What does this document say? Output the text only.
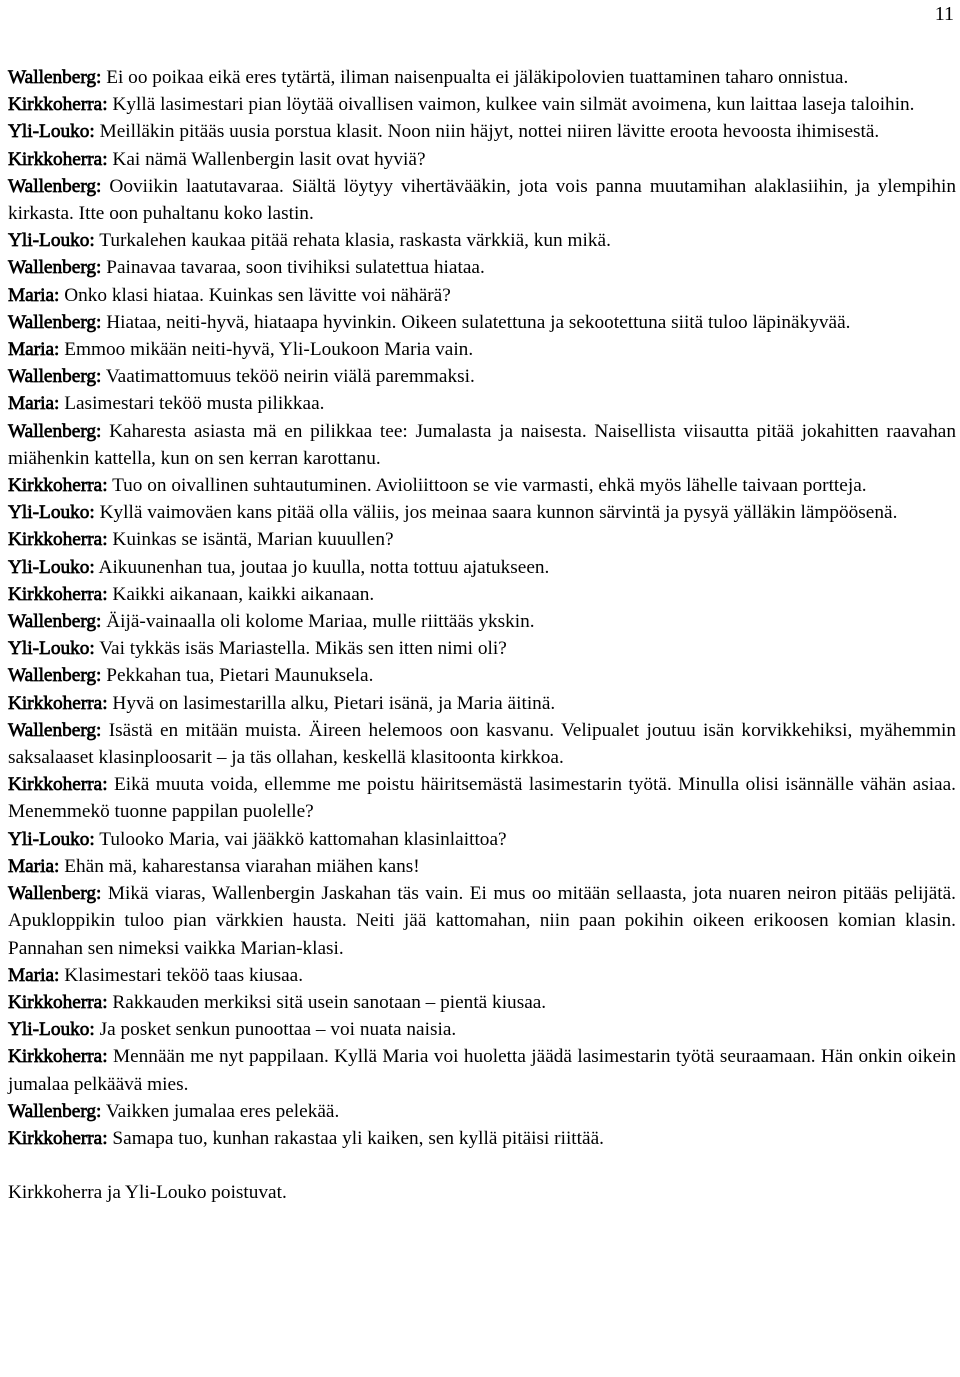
11

Wallenberg: Ei oo poikaa eikä eres tytärtä, iliman naisenpualta ei jäläkipolovien tuattaminen taharo onnistua.

Kirkkoherra: Kyllä lasimestari pian löytää oivallisen vaimon, kulkee vain silmät avoimena, kun laittaa laseja taloihin.

Yli-Louko: Meilläkin pitääs uusia porstua klasit. Noon niin häjyt, nottei niiren lävitte eroota hevoosta ihimisestä.

Kirkkoherra: Kai nämä Wallenbergin lasit ovat hyviä?

Wallenberg: Ooviikin laatutavaraa. Siältä löytyy vihertävääkin, jota vois panna muutamihan alaklasiihin, ja ylempihin kirkasta. Itte oon puhaltanu koko lastin.

Yli-Louko: Turkalehen kaukaa pitää rehata klasia, raskasta värkkiä, kun mikä.

Wallenberg: Painavaa tavaraa, soon tivihiksi sulatettua hiataa.

Maria: Onko klasi hiataa. Kuinkas sen lävitte voi nähärä?

Wallenberg: Hiataa, neiti-hyvä, hiataapa hyvinkin. Oikeen sulatettuna ja sekootettuna siitä tuloo läpinäkyvää.

Maria: Emmoo mikään neiti-hyvä, Yli-Loukoon Maria vain.

Wallenberg: Vaatimattomuus teköö neirin viälä paremmaksi.

Maria: Lasimestari teköö musta pilikkaa.

Wallenberg: Kaharesta asiasta mä en pilikkaa tee: Jumalasta ja naisesta. Naisellista viisautta pitää jokahitten raavahan miähenkin kattella, kun on sen kerran karottanu.

Kirkkoherra: Tuo on oivallinen suhtautuminen. Avioliittoon se vie varmasti, ehkä myös lähelle taivaan portteja.

Yli-Louko: Kyllä vaimoväen kans pitää olla väliis, jos meinaa saara kunnon särvintä ja pysyä yälläkin lämpöösenä.

Kirkkoherra: Kuinkas se isäntä, Marian kuuullen?

Yli-Louko: Aikuunenhan tua, joutaa jo kuulla, notta tottuu ajatukseen.

Kirkkoherra: Kaikki aikanaan, kaikki aikanaan.

Wallenberg: Äijä-vainaalla oli kolome Mariaa, mulle riittääs ykskin.

Yli-Louko: Vai tykkäs isäs Mariastella. Mikäs sen itten nimi oli?

Wallenberg: Pekkahan tua, Pietari Maunuksela.

Kirkkoherra: Hyvä on lasimestarilla alku, Pietari isänä, ja Maria äitinä.

Wallenberg: Isästä en mitään muista. Äireen helemoos oon kasvanu. Velipualet joutuu isän korvikkehiksi, myähemmin saksalaaset klasinploosarit – ja täs ollahan, keskellä klasitoonta kirkkoa.

Kirkkoherra: Eikä muuta voida, ellemme me poistu häiritsemästä lasimestarin työtä. Minulla olisi isännälle vähän asiaa. Menemmekö tuonne pappilan puolelle?

Yli-Louko: Tulooko Maria, vai jääkkö kattomahan klasinlaittoa?

Maria: Ehän mä, kaharestansa viarahan miähen kans!

Wallenberg: Mikä viaras, Wallenbergin Jaskahan täs vain. Ei mus oo mitään sellaasta, jota nuaren neiron pitääs pelijätä. Apukloppikin tuloo pian värkkien hausta. Neiti jää kattomahan, niin paan pokihin oikeen erikoosen komian klasin. Pannahan sen nimeksi vaikka Marian-klasi.

Maria: Klasimestari teköö taas kiusaa.

Kirkkoherra: Rakkauden merkiksi sitä usein sanotaan – pientä kiusaa.

Yli-Louko: Ja posket senkun punoottaa – voi nuata naisia.

Kirkkoherra: Mennään me nyt pappilaan. Kyllä Maria voi huoletta jäädä lasimestarin työtä seuraamaan. Hän onkin oikein jumalaa pelkäävä mies.

Wallenberg: Vaikken jumalaa eres pelekää.

Kirkkoherra: Samapa tuo, kunhan rakastaa yli kaiken, sen kyllä pitäisi riittää.

Kirkkoherra ja Yli-Louko poistuvat.
